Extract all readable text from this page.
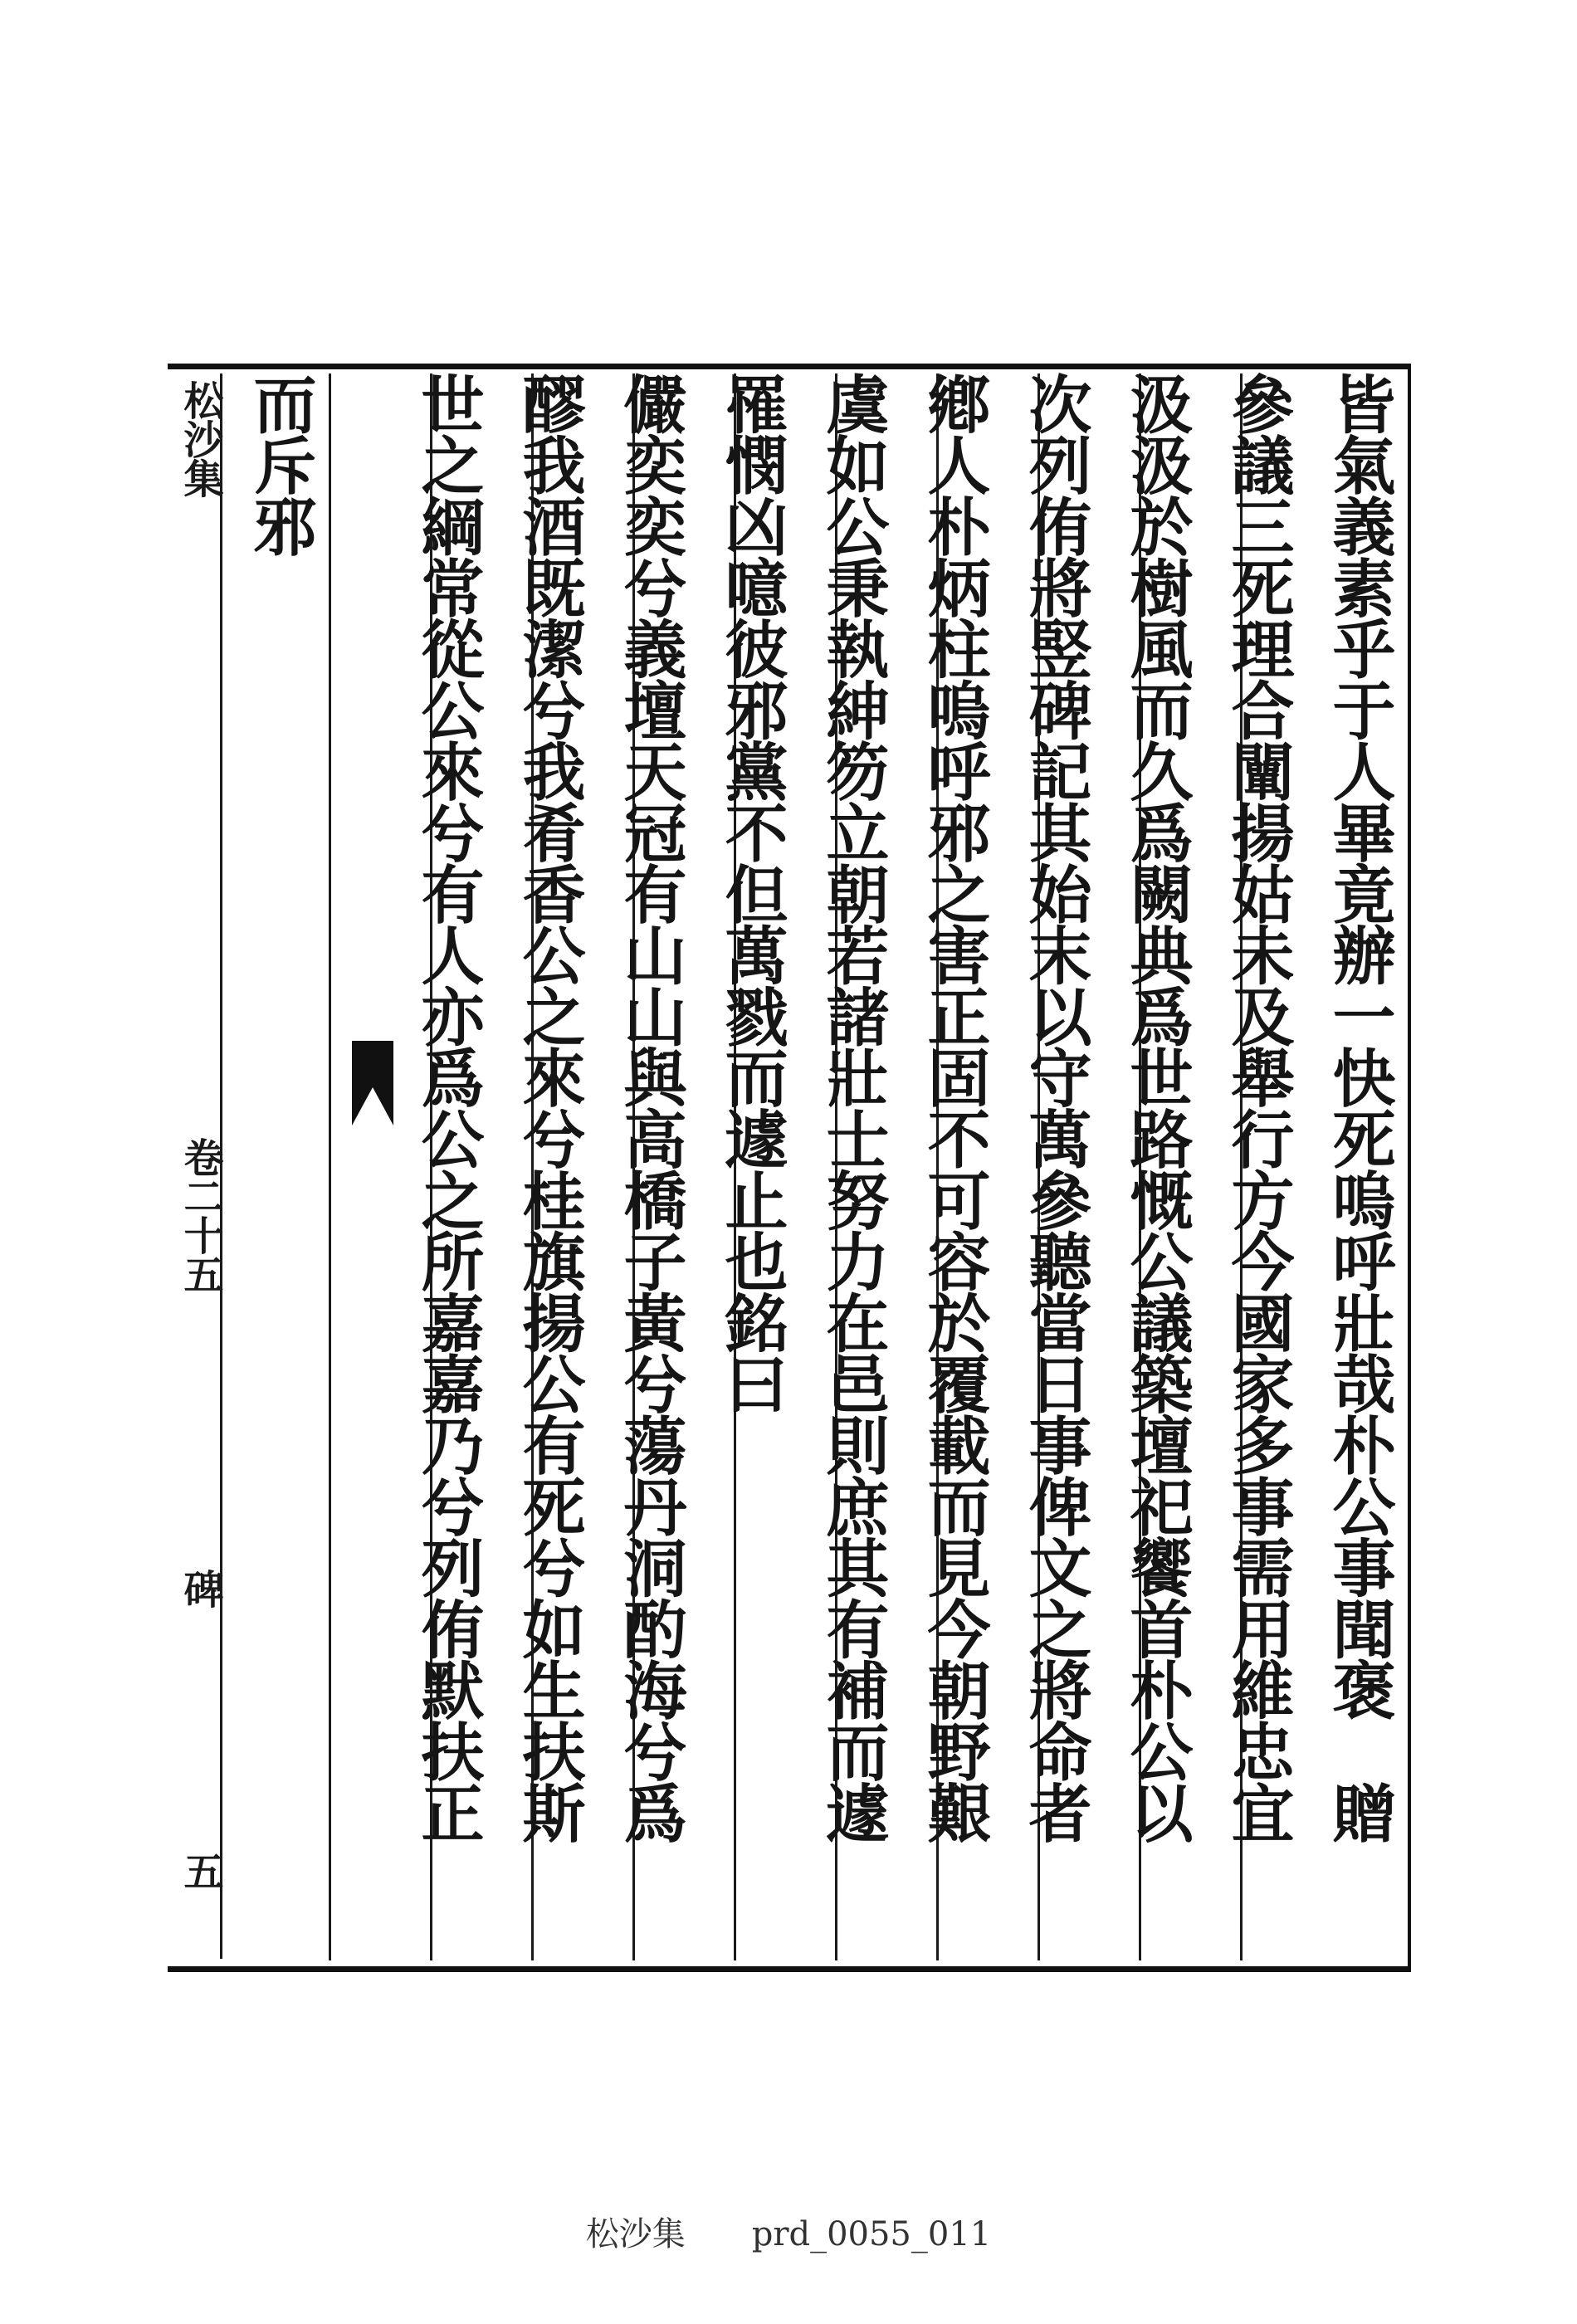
松沙集
卷二十五
碑
五
皆氣義素乎于人畢竟辦一快死嗚呼壯哉朴公事聞褒　贈
參議三死理合闡揚姑未及舉行方今國家多事需用維忠宜
汲汲於樹風而久爲闕典爲世路慨公議築壇祀饗首朴公以
次列侑將竪碑記其始末以守萬參聽當日事俾文之將命者
鄕人朴炳柱嗚呼邪之害正固不可容於覆載而見今朝野艱
虞如公秉執紳笏立朝若諸壯士努力在邑則庶其有補而遽
罹憫凶噫彼邪黨不但萬戮而遽止也銘曰
儼奕奕兮義壇天冠有山山與高橋子黃兮蕩丹洞酌海兮爲
醪我酒既潔兮我肴香公之來兮桂旗揚公有死兮如生扶斯
世之綱常從公來兮有人亦爲公之所嘉嘉乃兮列侑默扶正
而斥邪
松沙集　　prd_0055_011
